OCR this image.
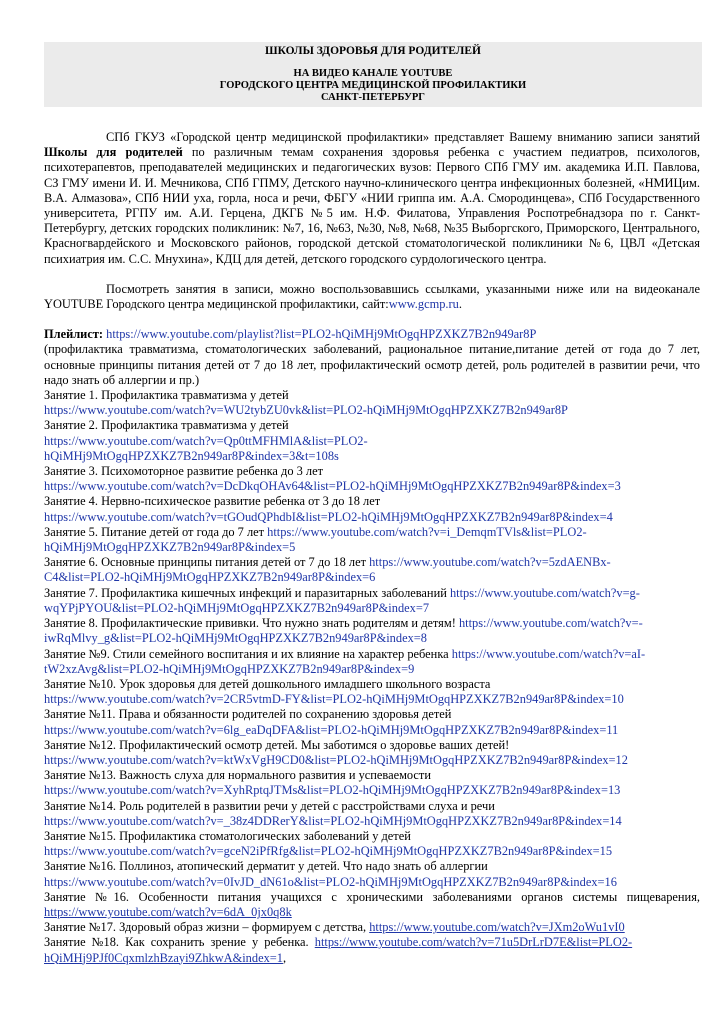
ШКОЛЫ ЗДОРОВЬЯ ДЛЯ РОДИТЕЛЕЙ
НА ВИДЕО КАНАЛЕ YOUTUBE
ГОРОДСКОГО ЦЕНТРА МЕДИЦИНСКОЙ ПРОФИЛАКТИКИ
САНКТ-ПЕТЕРБУРГ

СПб ГКУЗ «Городской центр медицинской профилактики» представляет Вашему вниманию записи занятий Школы для родителей по различным темам сохранения здоровья ребенка с участием педиатров, психологов, психотерапевтов, преподавателей медицинских и педагогических вузов: Первого СПб ГМУ им. академика И.П. Павлова, СЗ ГМУ имени И. И. Мечникова, СПб ГПМУ, Детского научно-клинического центра инфекционных болезней, «НМИЦим. В.А. Алмазова», СПб НИИ уха, горла, носа и речи, ФБГУ «НИИ гриппа им. А.А. Смородинцева», СПб Государственного университета, РГПУ им. А.И. Герцена, ДКГБ №5 им. Н.Ф. Филатова, Управления Роспотребнадзора по г. Санкт-Петербургу, детских городских поликлиник: №7, 16, №63, №30, №8, №68, №35 Выборгского, Приморского, Центрального, Красногвардейского и Московского районов, городской детской стоматологической поликлиники №6, ЦВЛ «Детская психиатрия им. С.С. Мнухина», КДЦ для детей, детского городского сурдологического центра.

Посмотреть занятия в записи, можно воспользовавшись ссылками, указанными ниже или на видеоканале YOUTUBE Городского центра медицинской профилактики, сайт:www.gcmp.ru.

Плейлист: https://www.youtube.com/playlist?list=PLO2-hQiMHj9MtOgqHPZXKZ7B2n949ar8P

(профилактика травматизма, стоматологических заболеваний, рациональное питание,питание детей от года до 7 лет, основные принципы питания детей от 7 до 18 лет, профилактический осмотр детей, роль родителей в развитии речи, что надо знать об аллергии и пр.)

Занятие 1. Профилактика травматизма у детей
https://www.youtube.com/watch?v=WU2tybZU0vk&list=PLO2-hQiMHj9MtOgqHPZXKZ7B2n949ar8P
Занятие 2. Профилактика травматизма у детей
https://www.youtube.com/watch?v=Qp0ttMFHMlA&list=PLO2-
hQiMHj9MtOgqHPZXKZ7B2n949ar8P&index=3&t=108s
Занятие 3. Психомоторное развитие ребенка до 3 лет
https://www.youtube.com/watch?v=DcDkqOHAv64&list=PLO2-hQiMHj9MtOgqHPZXKZ7B2n949ar8P&index=3
Занятие 4. Нервно-психическое развитие ребенка от 3 до 18 лет
https://www.youtube.com/watch?v=tGOudQPhdbI&list=PLO2-hQiMHj9MtOgqHPZXKZ7B2n949ar8P&index=4
Занятие 5. Питание детей от года до 7 лет https://www.youtube.com/watch?v=i_DemqmTVls&list=PLO2-
hQiMHj9MtOgqHPZXKZ7B2n949ar8P&index=5
Занятие 6. Основные принципы питания детей от 7 до 18 лет https://www.youtube.com/watch?v=5zdAENBx-
C4&list=PLO2-hQiMHj9MtOgqHPZXKZ7B2n949ar8P&index=6
Занятие 7. Профилактика кишечных инфекций и паразитарных заболеваний https://www.youtube.com/watch?v=g-
wqYPjPYOU&list=PLO2-hQiMHj9MtOgqHPZXKZ7B2n949ar8P&index=7
Занятие 8. Профилактические прививки. Что нужно знать родителям и детям! https://www.youtube.com/watch?v=-
iwRqMlvy_g&list=PLO2-hQiMHj9MtOgqHPZXKZ7B2n949ar8P&index=8
Занятие №9. Стили семейного воспитания и их влияние на характер ребенка https://www.youtube.com/watch?v=aI-
tW2xzAvg&list=PLO2-hQiMHj9MtOgqHPZXKZ7B2n949ar8P&index=9
Занятие №10. Урок здоровья для детей дошкольного имладшего школьного возраста
https://www.youtube.com/watch?v=2CR5vtmD-FY&list=PLO2-hQiMHj9MtOgqHPZXKZ7B2n949ar8P&index=10
Занятие №11. Права и обязанности родителей по сохранению здоровья детей
https://www.youtube.com/watch?v=6lg_eaDqDFA&list=PLO2-hQiMHj9MtOgqHPZXKZ7B2n949ar8P&index=11
Занятие №12. Профилактический осмотр детей. Мы заботимся о здоровье ваших детей!
https://www.youtube.com/watch?v=ktWxVgH9CD0&list=PLO2-hQiMHj9MtOgqHPZXKZ7B2n949ar8P&index=12
Занятие №13. Важность слуха для нормального развития и успеваемости
https://www.youtube.com/watch?v=XyhRptqJTMs&list=PLO2-hQiMHj9MtOgqHPZXKZ7B2n949ar8P&index=13
Занятие №14. Роль родителей в развитии речи у детей с расстройствами слуха и речи
https://www.youtube.com/watch?v=_38z4DDRerY&list=PLO2-hQiMHj9MtOgqHPZXKZ7B2n949ar8P&index=14
Занятие №15. Профилактика стоматологических заболеваний у детей
https://www.youtube.com/watch?v=gceN2iPfRfg&list=PLO2-hQiMHj9MtOgqHPZXKZ7B2n949ar8P&index=15
Занятие №16. Поллиноз, атопический дерматит у детей. Что надо знать об аллергии
https://www.youtube.com/watch?v=0IvJD_dN61o&list=PLO2-hQiMHj9MtOgqHPZXKZ7B2n949ar8P&index=16
Занятие №16. Особенности питания учащихся с хроническими заболеваниями органов системы пищеварения,
https://www.youtube.com/watch?v=6dA_0jx0q8k
Занятие №17. Здоровый образ жизни – формируем с детства, https://www.youtube.com/watch?v=JXm2oWu1vI0
Занятие №18. Как сохранить зрение у ребенка. https://www.youtube.com/watch?v=71u5DrLrD7E&list=PLO2-
hQiMHj9PJf0CqxmlzhBzayi9ZhkwA&index=1,
